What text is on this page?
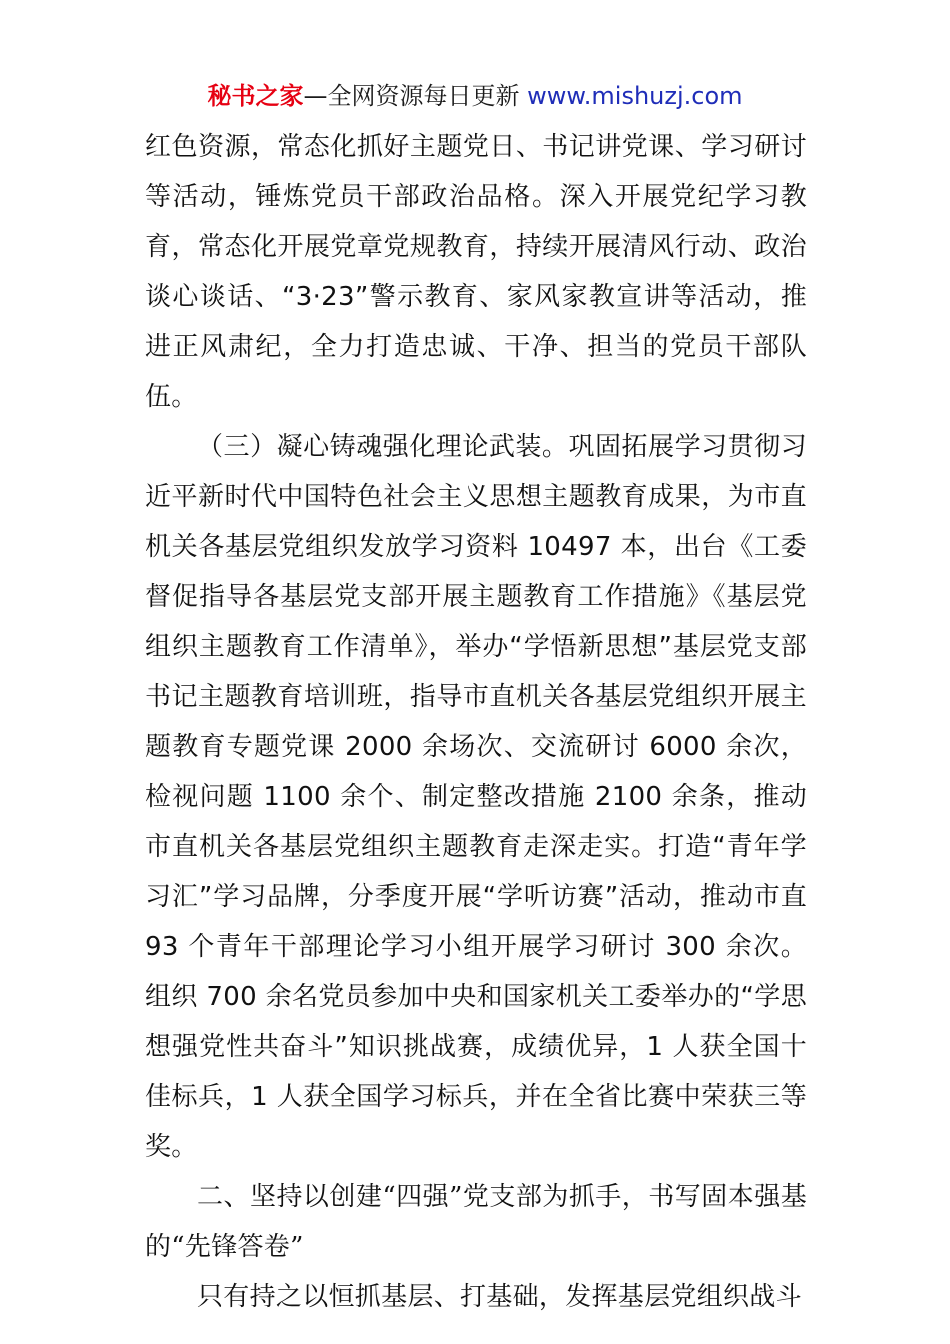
秘书之家—全网资源每日更新 www.mishuzj.com

红色资源，常态化抓好主题党日、书记讲党课、学习研讨等活动，锤炼党员干部政治品格。深入开展党纪学习教育，常态化开展党章党规教育，持续开展清风行动、政治谈心谈话、“3·23”警示教育、家风家教宣讲等活动，推进正风肃纪，全力打造忠诚、干净、担当的党员干部队伍。

（三）凝心铸魂强化理论武装。巩固拓展学习贯彻习近平新时代中国特色社会主义思想主题教育成果，为市直机关各基层党组织发放学习资料 10497 本，出台《工委督促指导各基层党支部开展主题教育工作措施》《基层党组织主题教育工作清单》，举办“学悟新思想”基层党支部书记主题教育培训班，指导市直机关各基层党组织开展主题教育专题党课 2000 余场次、交流研讨 6000 余次，检视问题 1100 余个、制定整改措施 2100 余条，推动市直机关各基层党组织主题教育走深走实。打造“青年学习汇”学习品牌，分季度开展“学听访赛”活动，推动市直 93 个青年干部理论学习小组开展学习研讨 300 余次。组织 700 余名党员参加中央和国家机关工委举办的“学思想强党性共奋斗”知识挑战赛，成绩优异，1 人获全国十佳标兵，1 人获全国学习标兵，并在全省比赛中荣获三等奖。

二、坚持以创建“四强”党支部为抓手，书写固本强基的“先锋答卷”

只有持之以恒抓基层、打基础，发挥基层党组织战斗
